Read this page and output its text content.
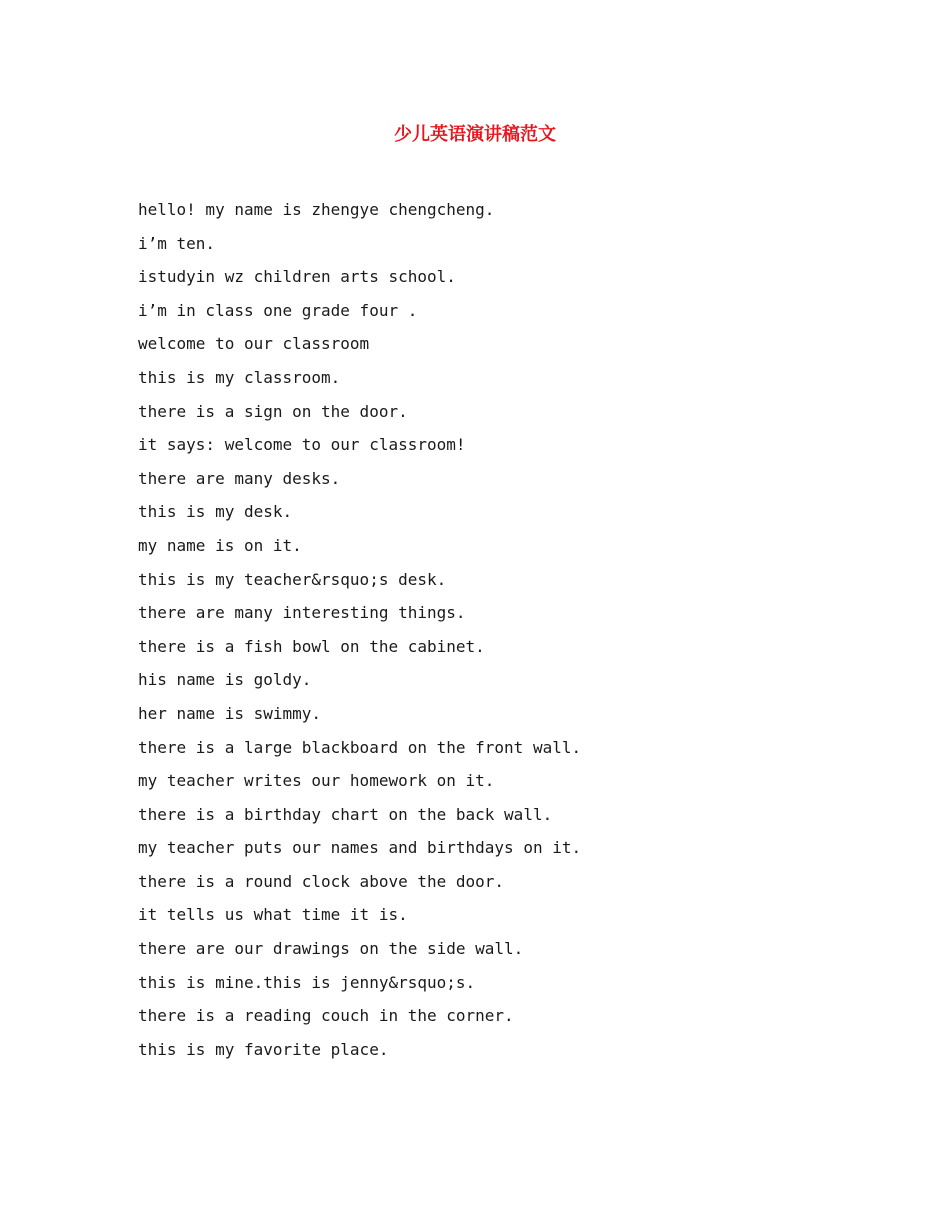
少儿英语演讲稿范文
hello! my name is zhengye chengcheng.
i’m ten.
istudyin wz children arts school.
i’m in class one grade four .
welcome to our classroom
this is my classroom.
there is a sign on the door.
it says: welcome to our classroom!
there are many desks.
this is my desk.
my name is on it.
this is my teacher&rsquo;s desk.
there are many interesting things.
there is a fish bowl on the cabinet.
his name is goldy.
her name is swimmy.
there is a large blackboard on the front wall.
my teacher writes our homework on it.
there is a birthday chart on the back wall.
my teacher puts our names and birthdays on it.
there is a round clock above the door.
it tells us what time it is.
there are our drawings on the side wall.
this is mine.this is jenny&rsquo;s.
there is a reading couch in the corner.
this is my favorite place.
